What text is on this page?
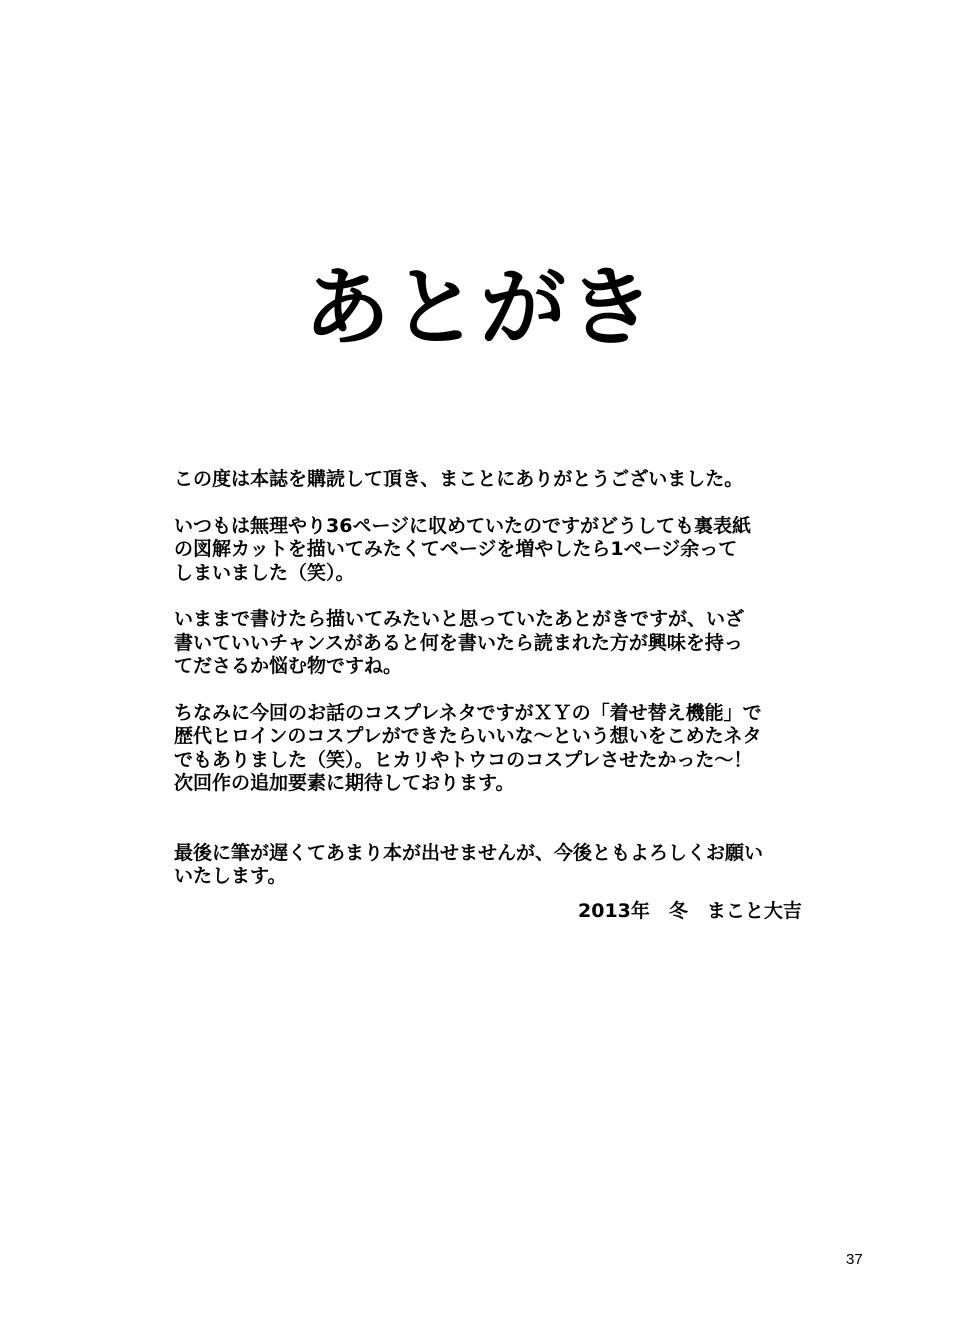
あとがき

この度は本誌を購読して頂き、まことにありがとうございました。

いつもは無理やり36ページに収めていたのですがどうしても裏表紙
の図解カットを描いてみたくてページを増やしたら1ページ余って
しまいました（笑）。

いままで書けたら描いてみたいと思っていたあとがきですが、いざ
書いていいチャンスがあると何を書いたら読まれた方が興味を持っ
てださるか悩む物ですね。

ちなみに今回のお話のコスプレネタですがＸＹの「着せ替え機能」で
歴代ヒロインのコスプレができたらいいな〜という想いをこめたネタ
でもありました（笑）。ヒカリやトウコのコスプレさせたかった〜！
次回作の追加要素に期待しております。

最後に筆が遅くてあまり本が出せませんが、今後ともよろしくお願い
いたします。

2013年　冬　まこと大吉
37
